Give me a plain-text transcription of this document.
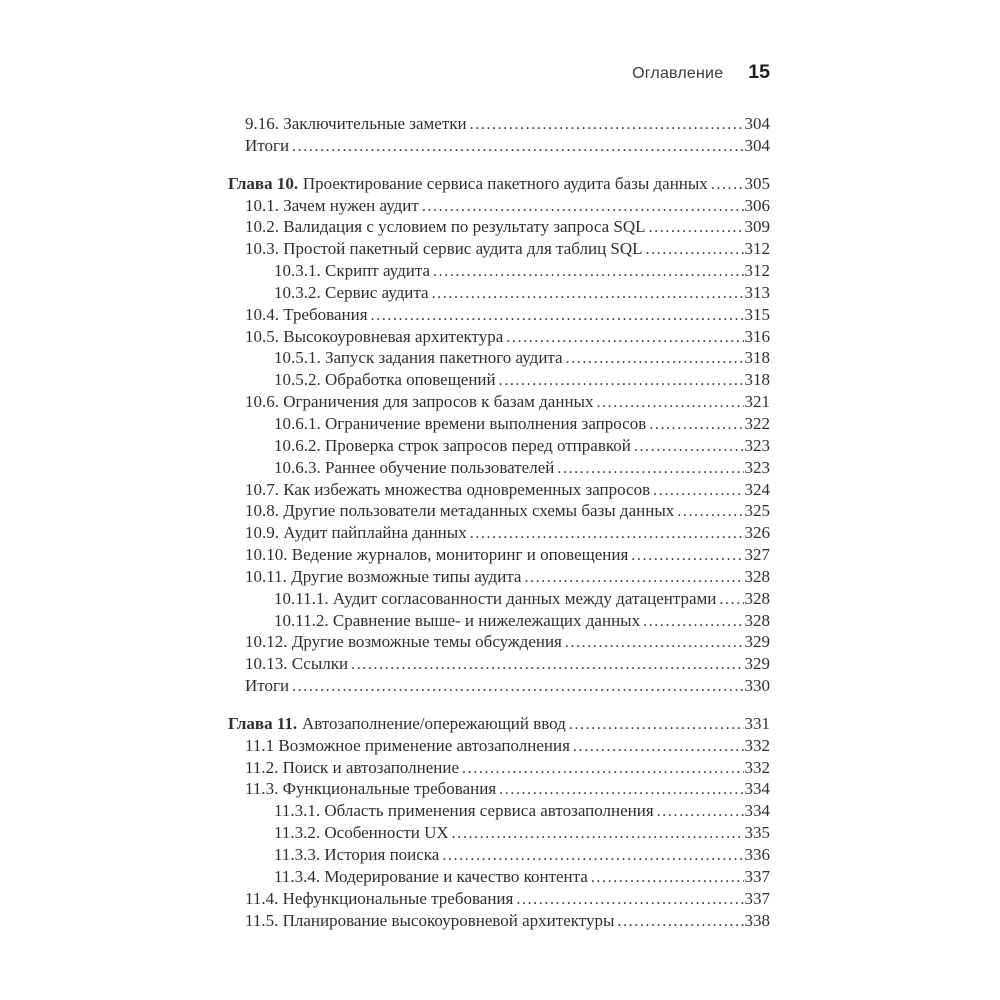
Оглавление 15
9.16. Заключительные заметки .....	304
Итоги .....	304
Глава 10. Проектирование сервиса пакетного аудита базы данных ..... 305
10.1. Зачем нужен аудит .....	306
10.2. Валидация с условием по результату запроса SQL .....	309
10.3. Простой пакетный сервис аудита для таблиц SQL .....	312
10.3.1. Скрипт аудита .....	312
10.3.2. Сервис аудита .....	313
10.4. Требования .....	315
10.5. Высокоуровневая архитектура .....	316
10.5.1. Запуск задания пакетного аудита .....	318
10.5.2. Обработка оповещений .....	318
10.6. Ограничения для запросов к базам данных .....	321
10.6.1. Ограничение времени выполнения запросов .....	322
10.6.2. Проверка строк запросов перед отправкой .....	323
10.6.3. Раннее обучение пользователей .....	323
10.7. Как избежать множества одновременных запросов .....	324
10.8. Другие пользователи метаданных схемы базы данных .....	325
10.9. Аудит пайплайна данных .....	326
10.10. Ведение журналов, мониторинг и оповещения .....	327
10.11. Другие возможные типы аудита .....	328
10.11.1. Аудит согласованности данных между датацентрами ..... 328
10.11.2. Сравнение выше- и нижележащих данных .....	328
10.12. Другие возможные темы обсуждения .....	329
10.13. Ссылки .....	329
Итоги .....	330
Глава 11. Автозаполнение/опережающий ввод .....	331
11.1 Возможное применение автозаполнения .....	332
11.2. Поиск и автозаполнение .....	332
11.3. Функциональные требования .....	334
11.3.1. Область применения сервиса автозаполнения .....	334
11.3.2. Особенности UX .....	335
11.3.3. История поиска .....	336
11.3.4. Модерирование и качество контента .....	337
11.4. Нефункциональные требования .....	337
11.5. Планирование высокоуровневой архитектуры .....	338
